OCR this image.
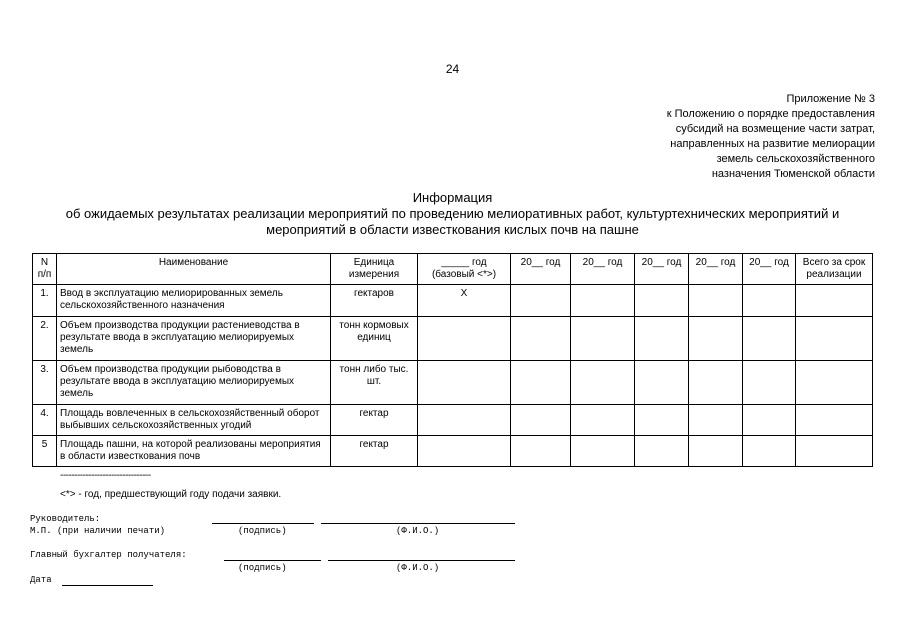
24
Приложение № 3
к Положению о порядке предоставления
субсидий на возмещение части затрат,
направленных на развитие мелиорации
земель сельскохозяйственного
назначения Тюменской области
Информация
об ожидаемых результатах реализации мероприятий по проведению мелиоративных работ, культуртехнических мероприятий и
мероприятий в области известкования кислых почв на пашне
N п/п	Наименование	Единица измерения	_____ год (базовый <*>)	20__ год	20__ год	20__ год	20__ год	20__ год	Всего за срок реализации
1.	Ввод в эксплуатацию мелиорированных земель сельскохозяйственного назначения	гектаров	X						
2.	Объем производства продукции растениеводства в результате ввода в эксплуатацию мелиорируемых земель	тонн кормовых единиц							
3.	Объем производства продукции рыбоводства в результате ввода в эксплуатацию мелиорируемых земель	тонн либо тыс. шт.							
4.	Площадь вовлеченных в сельскохозяйственный оборот выбывших сельскохозяйственных угодий	гектар							
5	Площадь пашни, на которой реализованы мероприятия в области известкования почв	гектар							
--------------------------------
<*> - год, предшествующий году подачи заявки.
Руководитель:
М.П. (при наличии печати)	(подпись)	(Ф.И.О.)
Главный бухгалтер получателя:
(подпись)	(Ф.И.О.)
Дата
